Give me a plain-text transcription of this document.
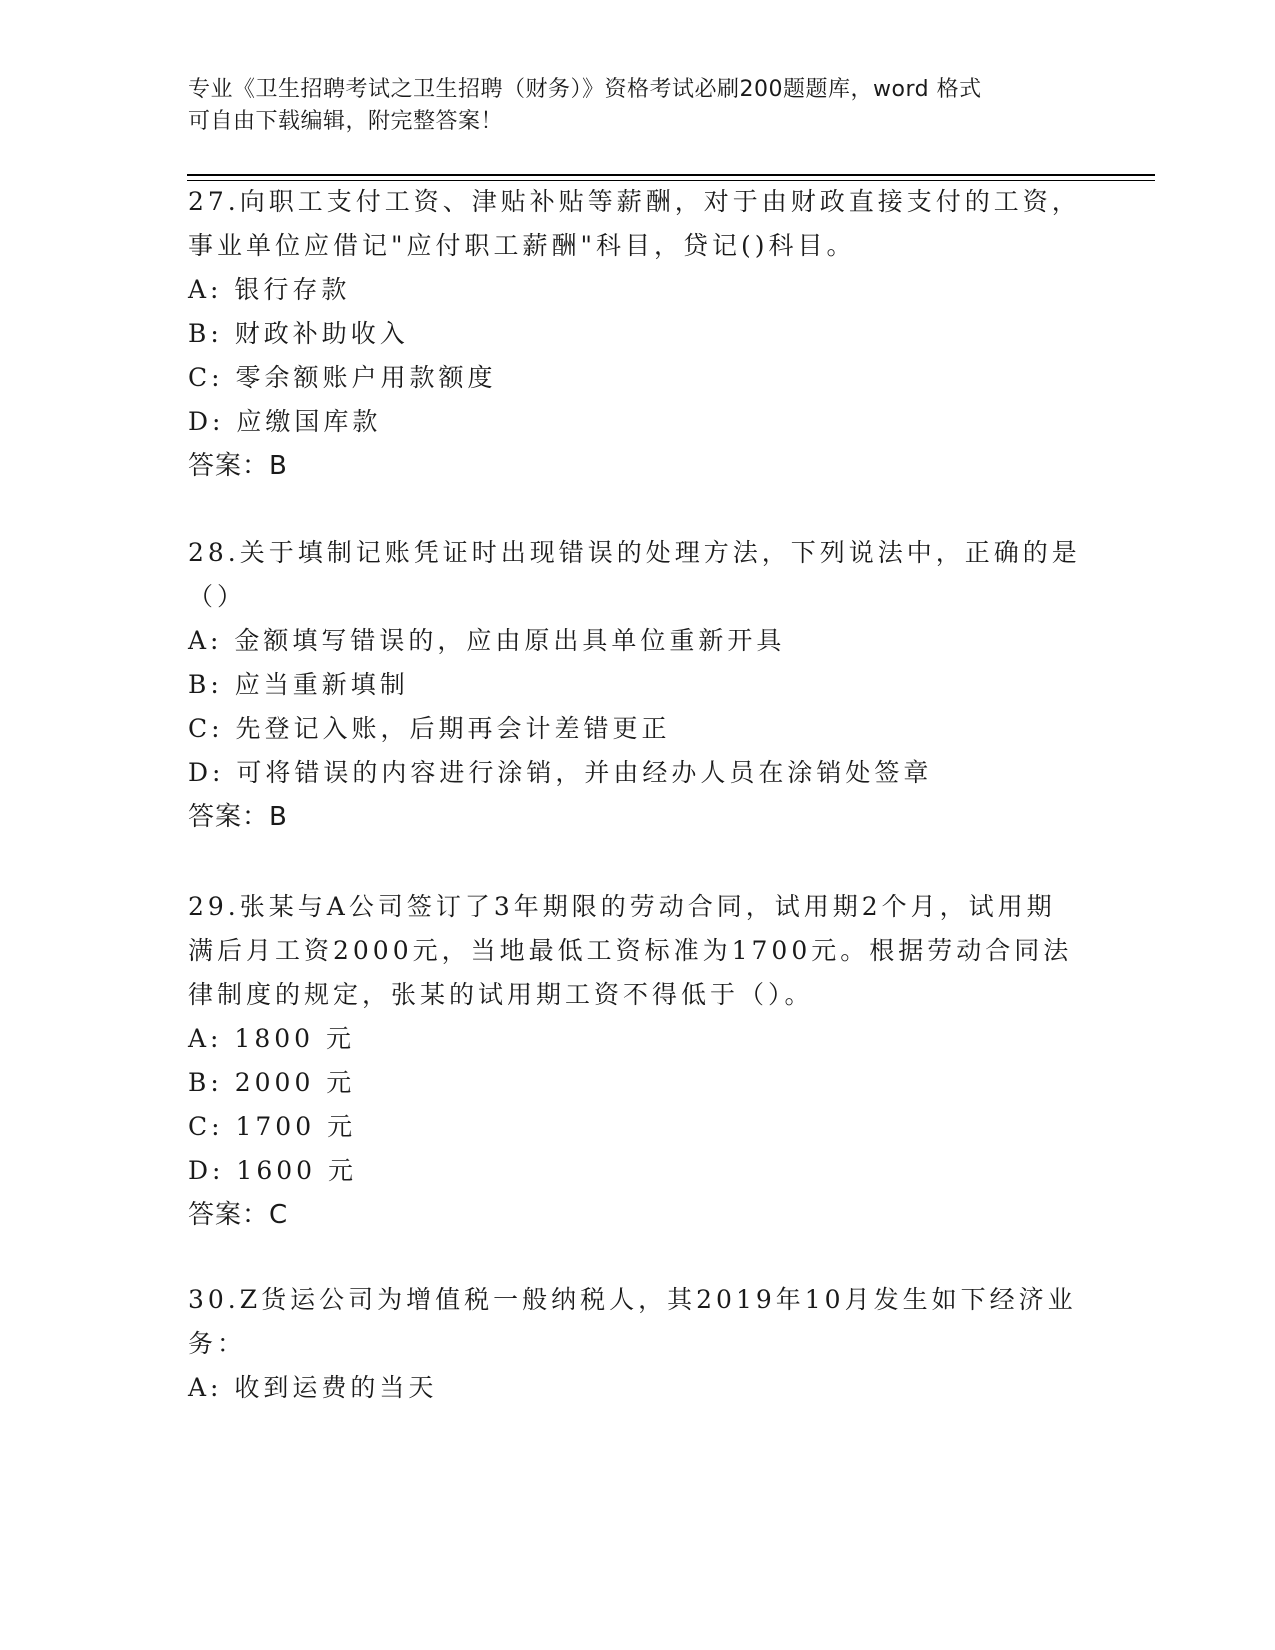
专业《卫生招聘考试之卫生招聘（财务）》资格考试必刷200题题库，word 格式
可自由下载编辑，附完整答案！
27.向职工支付工资、津贴补贴等薪酬，对于由财政直接支付的工资，
事业单位应借记"应付职工薪酬"科目，贷记()科目。
A: 银行存款
B: 财政补助收入
C: 零余额账户用款额度
D: 应缴国库款
答案：B
28.关于填制记账凭证时出现错误的处理方法，下列说法中，正确的是
（）
A: 金额填写错误的，应由原出具单位重新开具
B: 应当重新填制
C: 先登记入账，后期再会计差错更正
D: 可将错误的内容进行涂销，并由经办人员在涂销处签章
答案：B
29.张某与A公司签订了3年期限的劳动合同，试用期2个月，试用期
满后月工资2000元，当地最低工资标准为1700元。根据劳动合同法
律制度的规定，张某的试用期工资不得低于（）。
A: 1800 元
B: 2000 元
C: 1700 元
D: 1600 元
答案：C
30.Z货运公司为增值税一般纳税人，其2019年10月发生如下经济业
务：
A: 收到运费的当天
